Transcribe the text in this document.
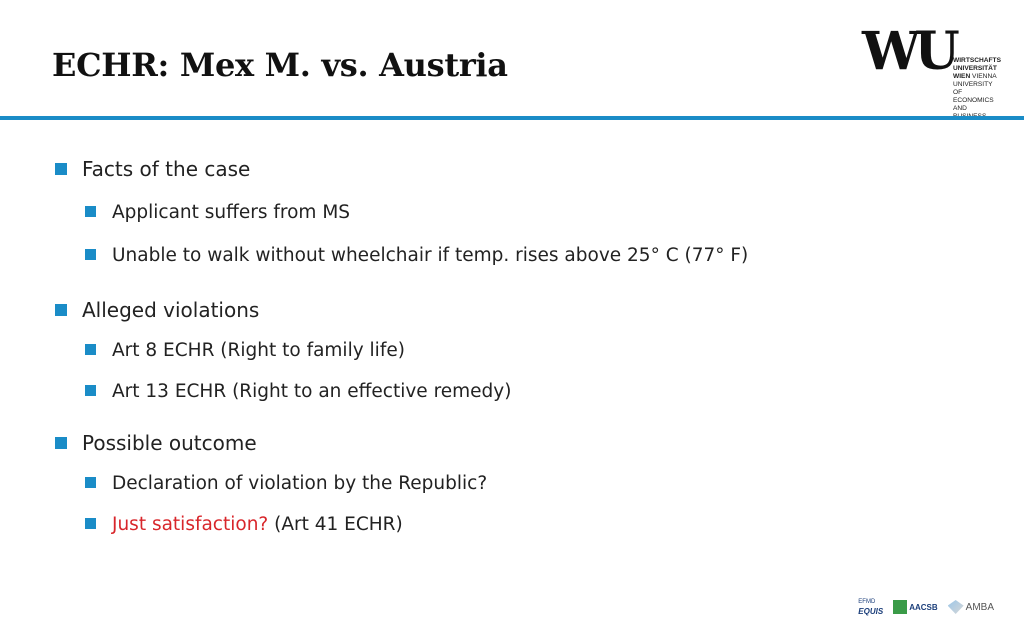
ECHR: Mex M. vs. Austria	WU WIRTSCHAFTS
UNIVERSITÄT
WIEN VIENNA
UNIVERSITY OF
ECONOMICS
AND
Facts of the case
Applicant suffers from MS
Unable to walk without wheelchair if temp. rises above 25° C (77° F)
Alleged violations
Art 8 ECHR (Right to family life)
Art 13 ECHR (Right to an effective remedy)
Possible outcome
Declaration of violation by the Republic?
Just satisfaction? (Art 41 ECHR)
EFMD
EQUIS	AACSB	AMBA
